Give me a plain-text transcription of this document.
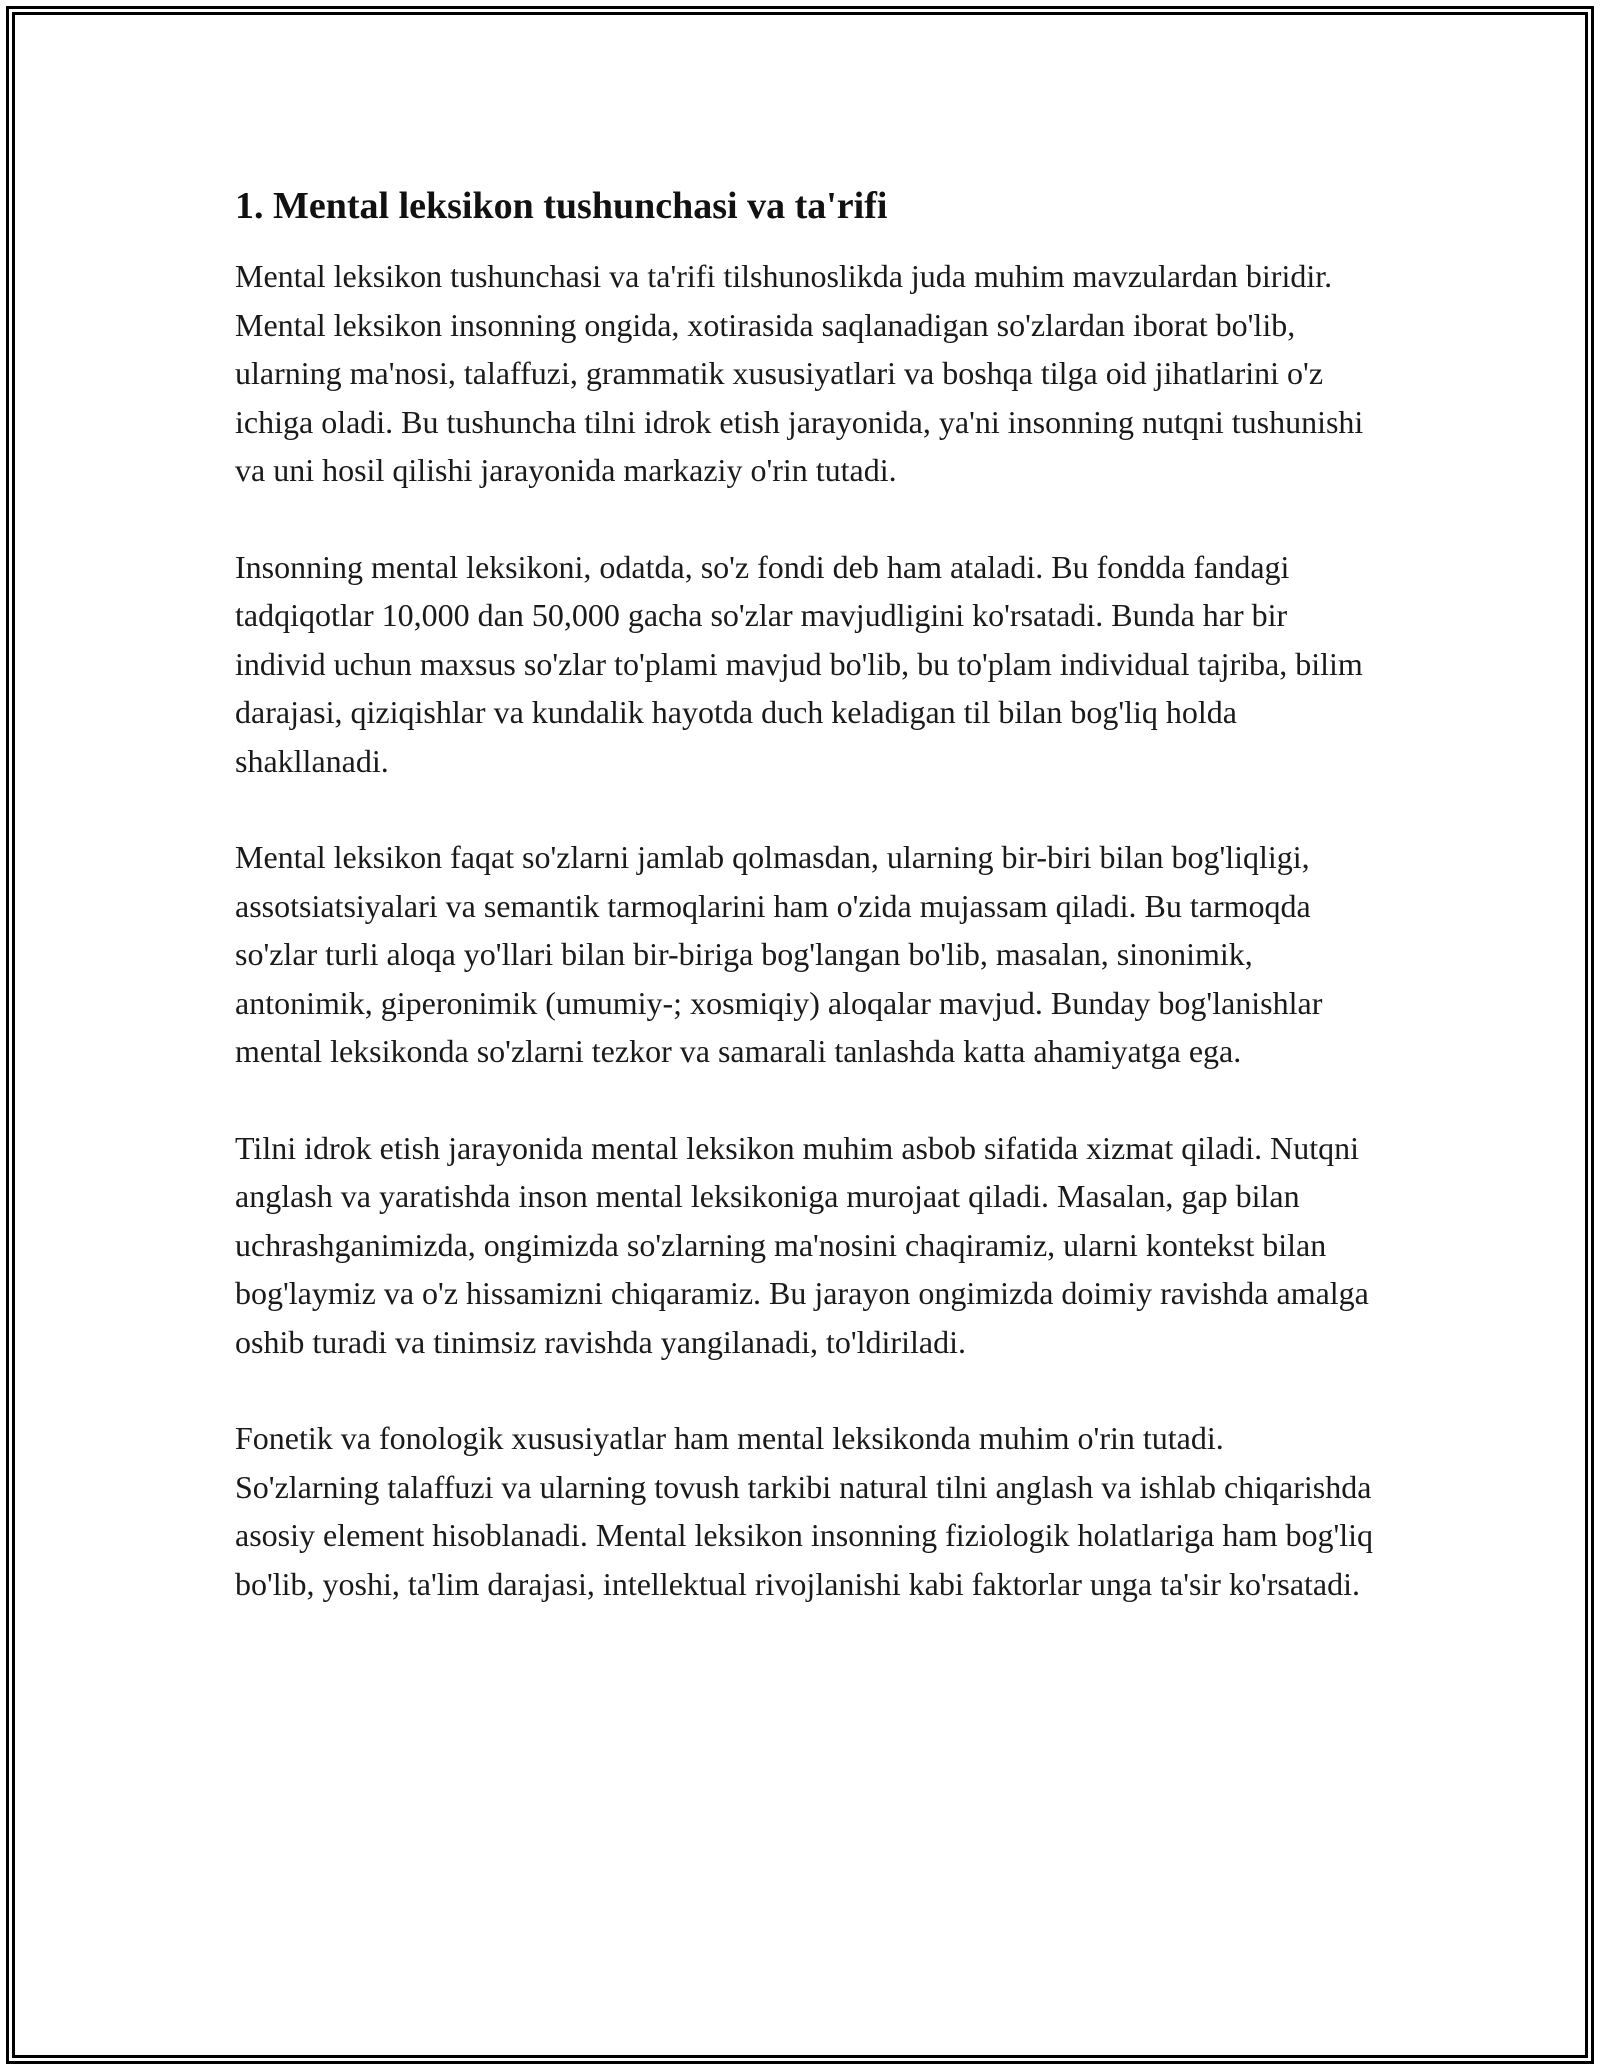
1. Mental leksikon tushunchasi va ta'rifi

Mental leksikon tushunchasi va ta'rifi tilshunoslikda juda muhim mavzulardan biridir. Mental leksikon insonning ongida, xotirasida saqlanadigan so'zlardan iborat bo'lib, ularning ma'nosi, talaffuzi, grammatik xususiyatlari va boshqa tilga oid jihatlarini o'z ichiga oladi. Bu tushuncha tilni idrok etish jarayonida, ya'ni insonning nutqni tushunishi va uni hosil qilishi jarayonida markaziy o'rin tutadi.

Insonning mental leksikoni, odatda, so'z fondi deb ham ataladi. Bu fondda fandagi tadqiqotlar 10,000 dan 50,000 gacha so'zlar mavjudligini ko'rsatadi. Bunda har bir individ uchun maxsus so'zlar to'plami mavjud bo'lib, bu to'plam individual tajriba, bilim darajasi, qiziqishlar va kundalik hayotda duch keladigan til bilan bog'liq holda shakllanadi.

Mental leksikon faqat so'zlarni jamlab qolmasdan, ularning bir-biri bilan bog'liqligi, assotsiatsiyalari va semantik tarmoqlarini ham o'zida mujassam qiladi. Bu tarmoqda so'zlar turli aloqa yo'llari bilan bir-biriga bog'langan bo'lib, masalan, sinonimik, antonimik, giperonimik (umumiy-; xosmiqiy) aloqalar mavjud. Bunday bog'lanishlar mental leksikonda so'zlarni tezkor va samarali tanlashda katta ahamiyatga ega.

Tilni idrok etish jarayonida mental leksikon muhim asbob sifatida xizmat qiladi. Nutqni anglash va yaratishda inson mental leksikoniga murojaat qiladi. Masalan, gap bilan uchrashganimizda, ongimizda so'zlarning ma'nosini chaqiramiz, ularni kontekst bilan bog'laymiz va o'z hissamizni chiqaramiz. Bu jarayon ongimizda doimiy ravishda amalga oshib turadi va tinimsiz ravishda yangilanadi, to'ldiriladi.

Fonetik va fonologik xususiyatlar ham mental leksikonda muhim o'rin tutadi. So'zlarning talaffuzi va ularning tovush tarkibi natural tilni anglash va ishlab chiqarishda asosiy element hisoblanadi. Mental leksikon insonning fiziologik holatlariga ham bog'liq bo'lib, yoshi, ta'lim darajasi, intellektual rivojlanishi kabi faktorlar unga ta'sir ko'rsatadi.
